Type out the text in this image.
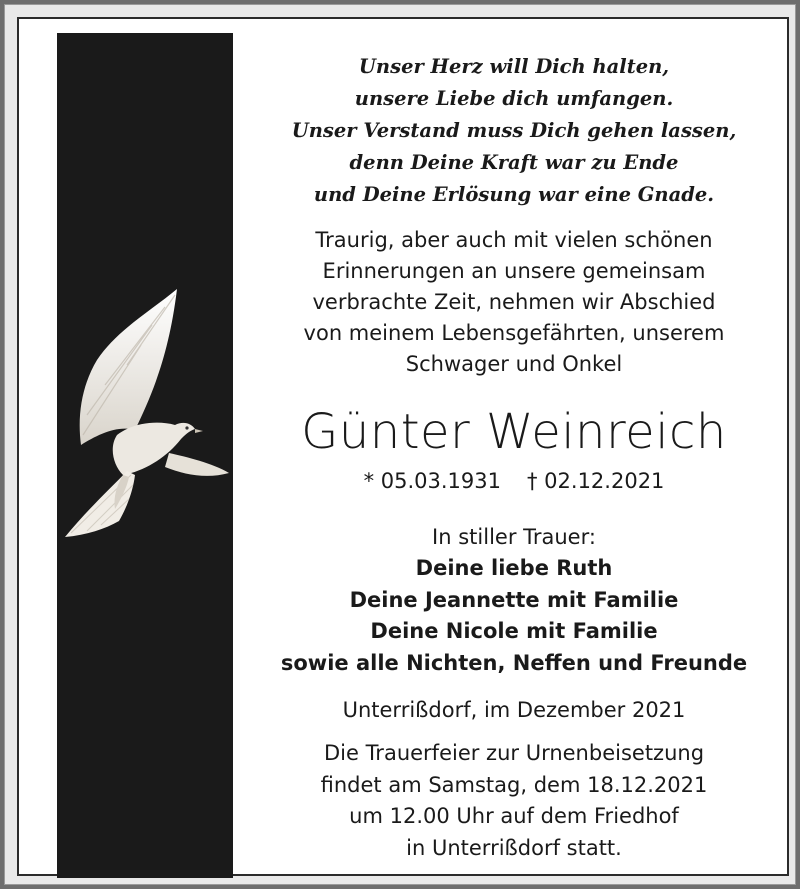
Unser Herz will Dich halten,
unsere Liebe dich umfangen.
Unser Verstand muss Dich gehen lassen,
denn Deine Kraft war zu Ende
und Deine Erlösung war eine Gnade.
Traurig, aber auch mit vielen schönen
Erinnerungen an unsere gemeinsam
verbrachte Zeit, nehmen wir Abschied
von meinem Lebensgefährten, unserem
Schwager und Onkel
Günter Weinreich
* 05.03.1931 † 02.12.2021
In stiller Trauer:
Deine liebe Ruth
Deine Jeannette mit Familie
Deine Nicole mit Familie
sowie alle Nichten, Neffen und Freunde
Unterrißdorf, im Dezember 2021
Die Trauerfeier zur Urnenbeisetzung
findet am Samstag, dem 18.12.2021
um 12.00 Uhr auf dem Friedhof
in Unterrißdorf statt.
